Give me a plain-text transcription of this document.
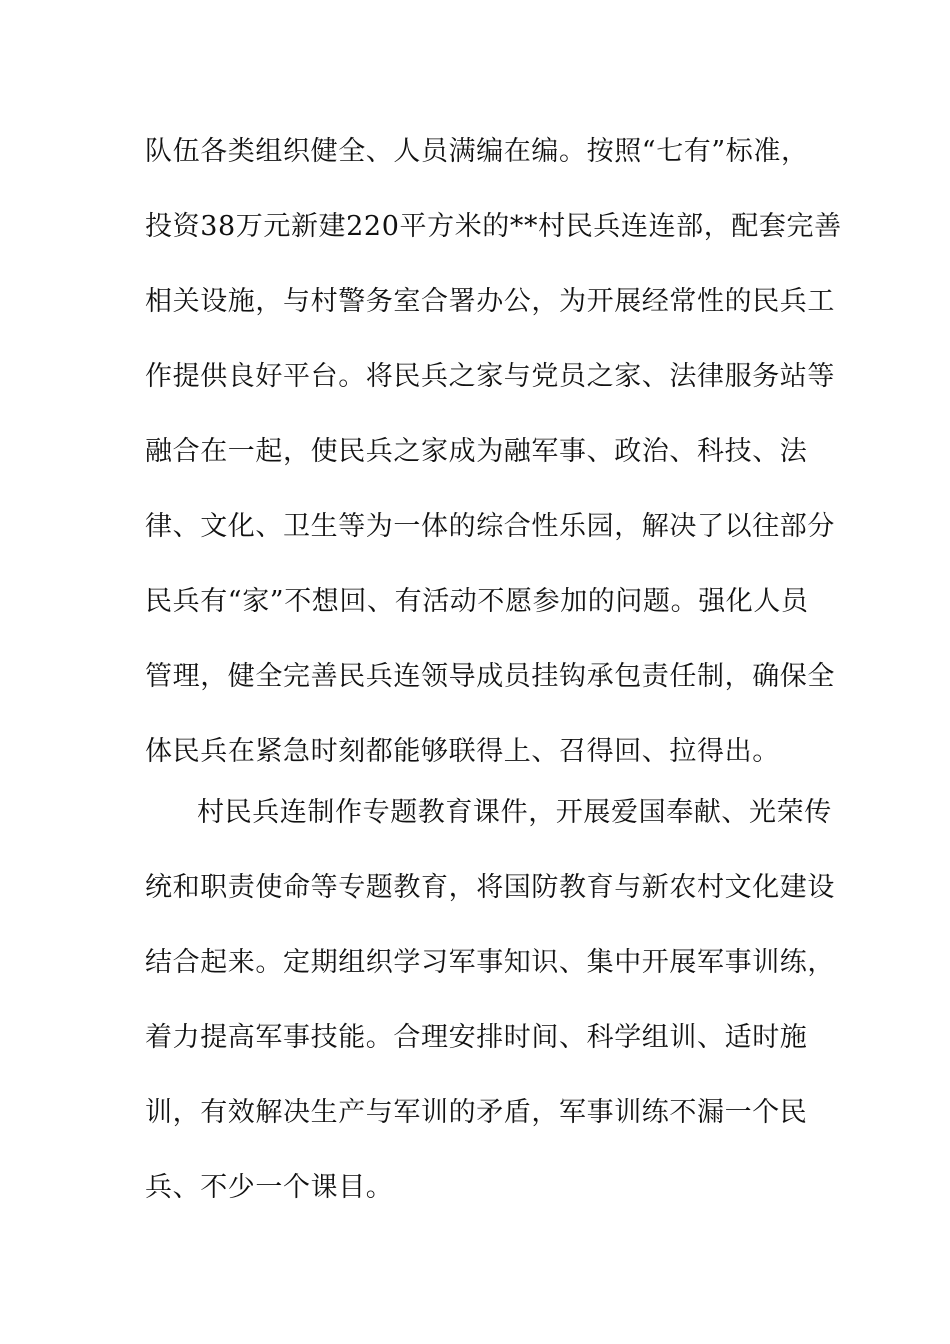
队伍各类组织健全、人员满编在编。按照“七有”标准，
投资38万元新建220平方米的**村民兵连连部，配套完善
相关设施，与村警务室合署办公，为开展经常性的民兵工
作提供良好平台。将民兵之家与党员之家、法律服务站等
融合在一起，使民兵之家成为融军事、政治、科技、法
律、文化、卫生等为一体的综合性乐园，解决了以往部分
民兵有“家”不想回、有活动不愿参加的问题。强化人员
管理，健全完善民兵连领导成员挂钩承包责任制，确保全
体民兵在紧急时刻都能够联得上、召得回、拉得出。
村民兵连制作专题教育课件，开展爱国奉献、光荣传
统和职责使命等专题教育，将国防教育与新农村文化建设
结合起来。定期组织学习军事知识、集中开展军事训练，
着力提高军事技能。合理安排时间、科学组训、适时施
训，有效解决生产与军训的矛盾，军事训练不漏一个民
兵、不少一个课目。
